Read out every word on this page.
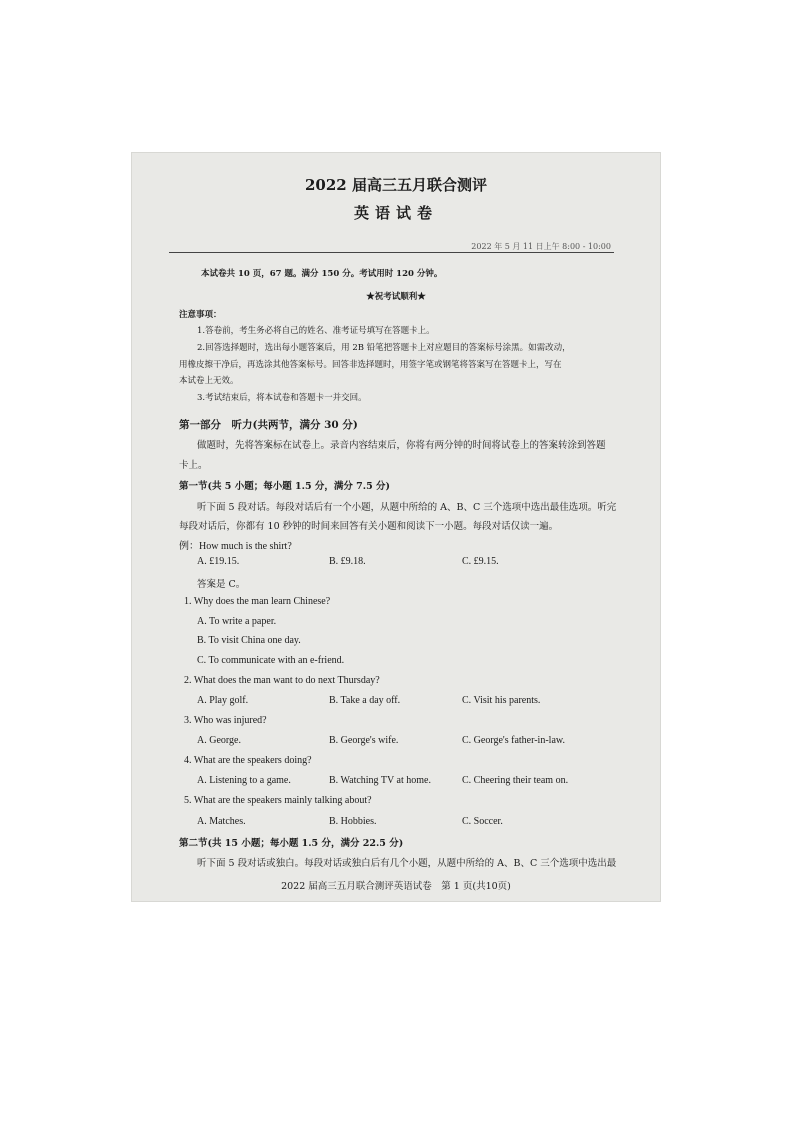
2022 届高三五月联合测评
英语试卷
2022 年 5 月 11 日上午 8:00 - 10:00
本试卷共 10 页，67 题。满分 150 分。考试用时 120 分钟。
★祝考试顺利★
注意事项：
1.答卷前，考生务必将自己的姓名、准考证号填写在答题卡上。
2.回答选择题时，选出每小题答案后，用 2B 铅笔把答题卡上对应题目的答案标号涂黑。如需改动，
用橡皮擦干净后，再选涂其他答案标号。回答非选择题时，用签字笔或钢笔将答案写在答题卡上，写在
本试卷上无效。
3.考试结束后，将本试卷和答题卡一并交回。
第一部分　听力(共两节，满分 30 分)
做题时，先将答案标在试卷上。录音内容结束后，你将有两分钟的时间将试卷上的答案转涂到答题
卡上。
第一节(共 5 小题；每小题 1.5 分，满分 7.5 分)
听下面 5 段对话。每段对话后有一个小题，从题中所给的 A、B、C 三个选项中选出最佳选项。听完
每段对话后，你都有 10 秒钟的时间来回答有关小题和阅读下一小题。每段对话仅读一遍。
例：How much is the shirt?
A. £19.15.	B. £9.18.	C. £9.15.
答案是 C。
1. Why does the man learn Chinese?
A. To write a paper.
B. To visit China one day.
C. To communicate with an e-friend.
2. What does the man want to do next Thursday?
A. Play golf.	B. Take a day off.	C. Visit his parents.
3. Who was injured?
A. George.	B. George's wife.	C. George's father-in-law.
4. What are the speakers doing?
A. Listening to a game.	B. Watching TV at home.	C. Cheering their team on.
5. What are the speakers mainly talking about?
A. Matches.	B. Hobbies.	C. Soccer.
第二节(共 15 小题；每小题 1.5 分，满分 22.5 分)
听下面 5 段对话或独白。每段对话或独白后有几个小题，从题中所给的 A、B、C 三个选项中选出最
2022 届高三五月联合测评英语试卷　第 1 页(共10页)
